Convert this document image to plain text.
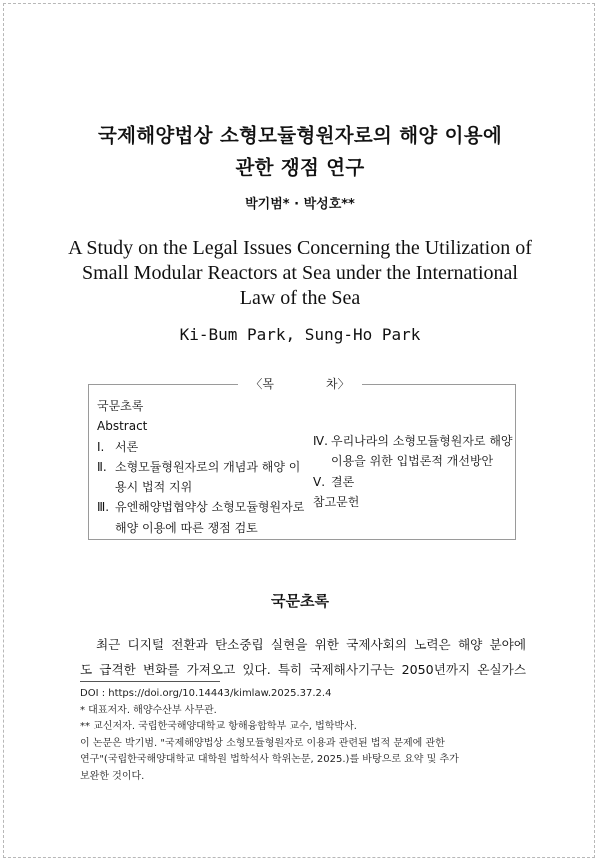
국제해양법상 소형모듈형원자로의 해양 이용에
관한 쟁점 연구
박기범* · 박성호**
A Study on the Legal Issues Concerning the Utilization of
Small Modular Reactors at Sea under the International
Law of the Sea
Ki-Bum Park, Sung-Ho Park
〈목	차〉
국문초록
Abstract
Ⅰ. 서론
Ⅱ. 소형모듈형원자로의 개념과 해양 이용시 법적 지위
Ⅲ. 유엔해양법협약상 소형모듈형원자로 해양 이용에 따른 쟁점 검토
Ⅳ. 우리나라의 소형모듈형원자로 해양 이용을 위한 입법론적 개선방안
Ⅴ. 결론
참고문헌
국문초록
최근 디지털 전환과 탄소중립 실현을 위한 국제사회의 노력은 해양 분야에
도 급격한 변화를 가져오고 있다. 특히 국제해사기구는 2050년까지 온실가스
DOI : https://doi.org/10.14443/kimlaw.2025.37.2.4
* 대표저자. 해양수산부 사무관.
** 교신저자. 국립한국해양대학교 항해융합학부 교수, 법학박사.
이 논문은 박기범. "국제해양법상 소형모듈형원자로 이용과 관련된 법적 문제에 관한
연구"(국립한국해양대학교 대학원 법학석사 학위논문, 2025.)를 바탕으로 요약 및 추가
보완한 것이다.
